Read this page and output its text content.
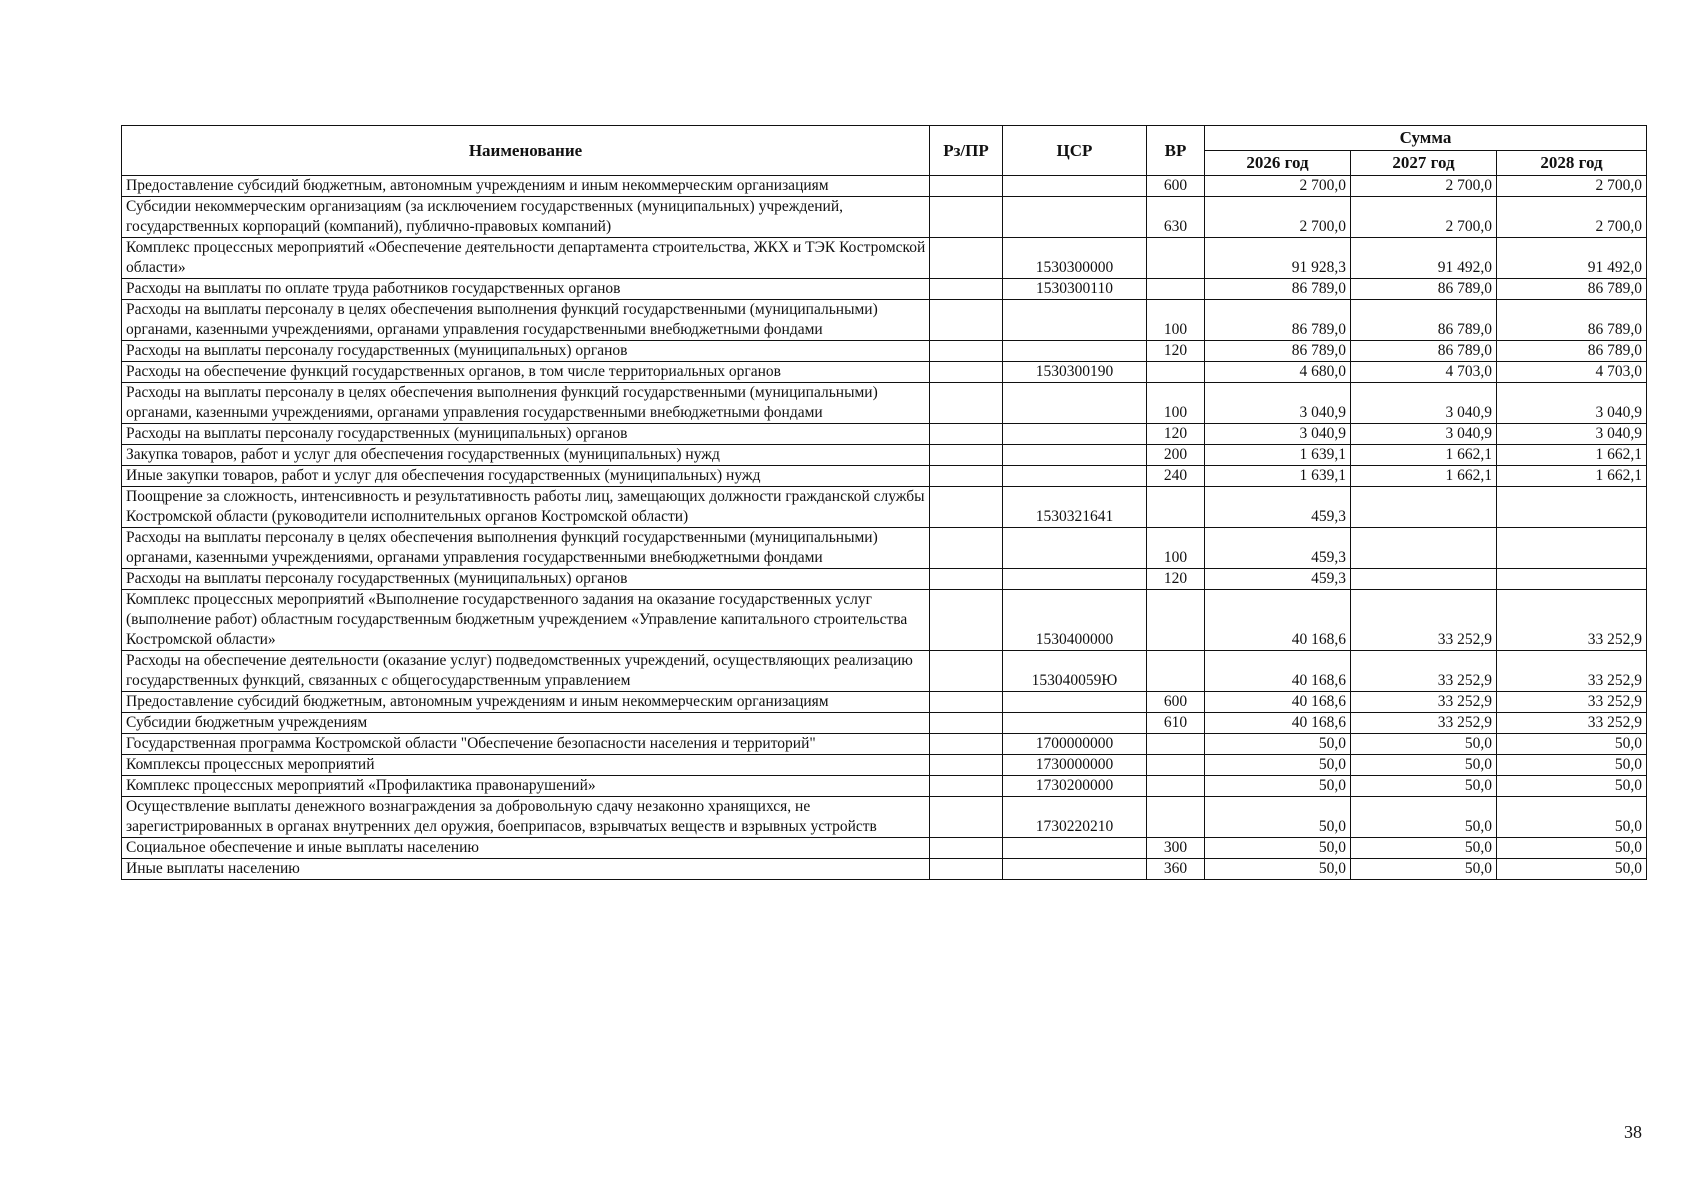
Наименование	Рз/ПР	ЦСР	ВР	Сумма		
				2026 год	2027 год	2028 год
Предоставление субсидий бюджетным, автономным учреждениям и иным некоммерческим организациям			600	2 700,0	2 700,0	2 700,0
Субсидии некоммерческим организациям (за исключением государственных (муниципальных) учреждений, государственных корпораций (компаний), публично-правовых компаний)			630	2 700,0	2 700,0	2 700,0
Комплекс процессных мероприятий «Обеспечение деятельности департамента строительства, ЖКХ и ТЭК Костромской области»		1530300000		91 928,3	91 492,0	91 492,0
Расходы на выплаты по оплате труда работников государственных органов		1530300110		86 789,0	86 789,0	86 789,0
Расходы на выплаты персоналу в целях обеспечения выполнения функций государственными (муниципальными) органами, казенными учреждениями, органами управления государственными внебюджетными фондами			100	86 789,0	86 789,0	86 789,0
Расходы на выплаты персоналу государственных (муниципальных) органов			120	86 789,0	86 789,0	86 789,0
Расходы на обеспечение функций государственных органов, в том числе территориальных органов		1530300190		4 680,0	4 703,0	4 703,0
Расходы на выплаты персоналу в целях обеспечения выполнения функций государственными (муниципальными) органами, казенными учреждениями, органами управления государственными внебюджетными фондами			100	3 040,9	3 040,9	3 040,9
Расходы на выплаты персоналу государственных (муниципальных) органов			120	3 040,9	3 040,9	3 040,9
Закупка товаров, работ и услуг для обеспечения государственных (муниципальных) нужд			200	1 639,1	1 662,1	1 662,1
Иные закупки товаров, работ и услуг для обеспечения государственных (муниципальных) нужд			240	1 639,1	1 662,1	1 662,1
Поощрение за сложность, интенсивность и результативность работы лиц, замещающих должности гражданской службы Костромской области (руководители исполнительных органов Костромской области)		1530321641		459,3		
Расходы на выплаты персоналу в целях обеспечения выполнения функций государственными (муниципальными) органами, казенными учреждениями, органами управления государственными внебюджетными фондами			100	459,3		
Расходы на выплаты персоналу государственных (муниципальных) органов			120	459,3		
Комплекс процессных мероприятий «Выполнение государственного задания на оказание государственных услуг (выполнение работ) областным государственным бюджетным учреждением «Управление капитального строительства Костромской области»		1530400000		40 168,6	33 252,9	33 252,9
Расходы на обеспечение деятельности (оказание услуг) подведомственных учреждений, осуществляющих реализацию государственных функций, связанных с общегосударственным управлением		153040059Ю		40 168,6	33 252,9	33 252,9
Предоставление субсидий бюджетным, автономным учреждениям и иным некоммерческим организациям			600	40 168,6	33 252,9	33 252,9
Субсидии бюджетным учреждениям			610	40 168,6	33 252,9	33 252,9
Государственная программа Костромской области "Обеспечение безопасности населения и территорий"		1700000000		50,0	50,0	50,0
Комплексы процессных мероприятий		1730000000		50,0	50,0	50,0
Комплекс процессных мероприятий «Профилактика правонарушений»		1730200000		50,0	50,0	50,0
Осуществление выплаты денежного вознаграждения за добровольную сдачу незаконно хранящихся, не зарегистрированных в органах внутренних дел оружия, боеприпасов, взрывчатых веществ и взрывных устройств		1730220210		50,0	50,0	50,0
Социальное обеспечение и иные выплаты населению			300	50,0	50,0	50,0
Иные выплаты населению			360	50,0	50,0	50,0
38
